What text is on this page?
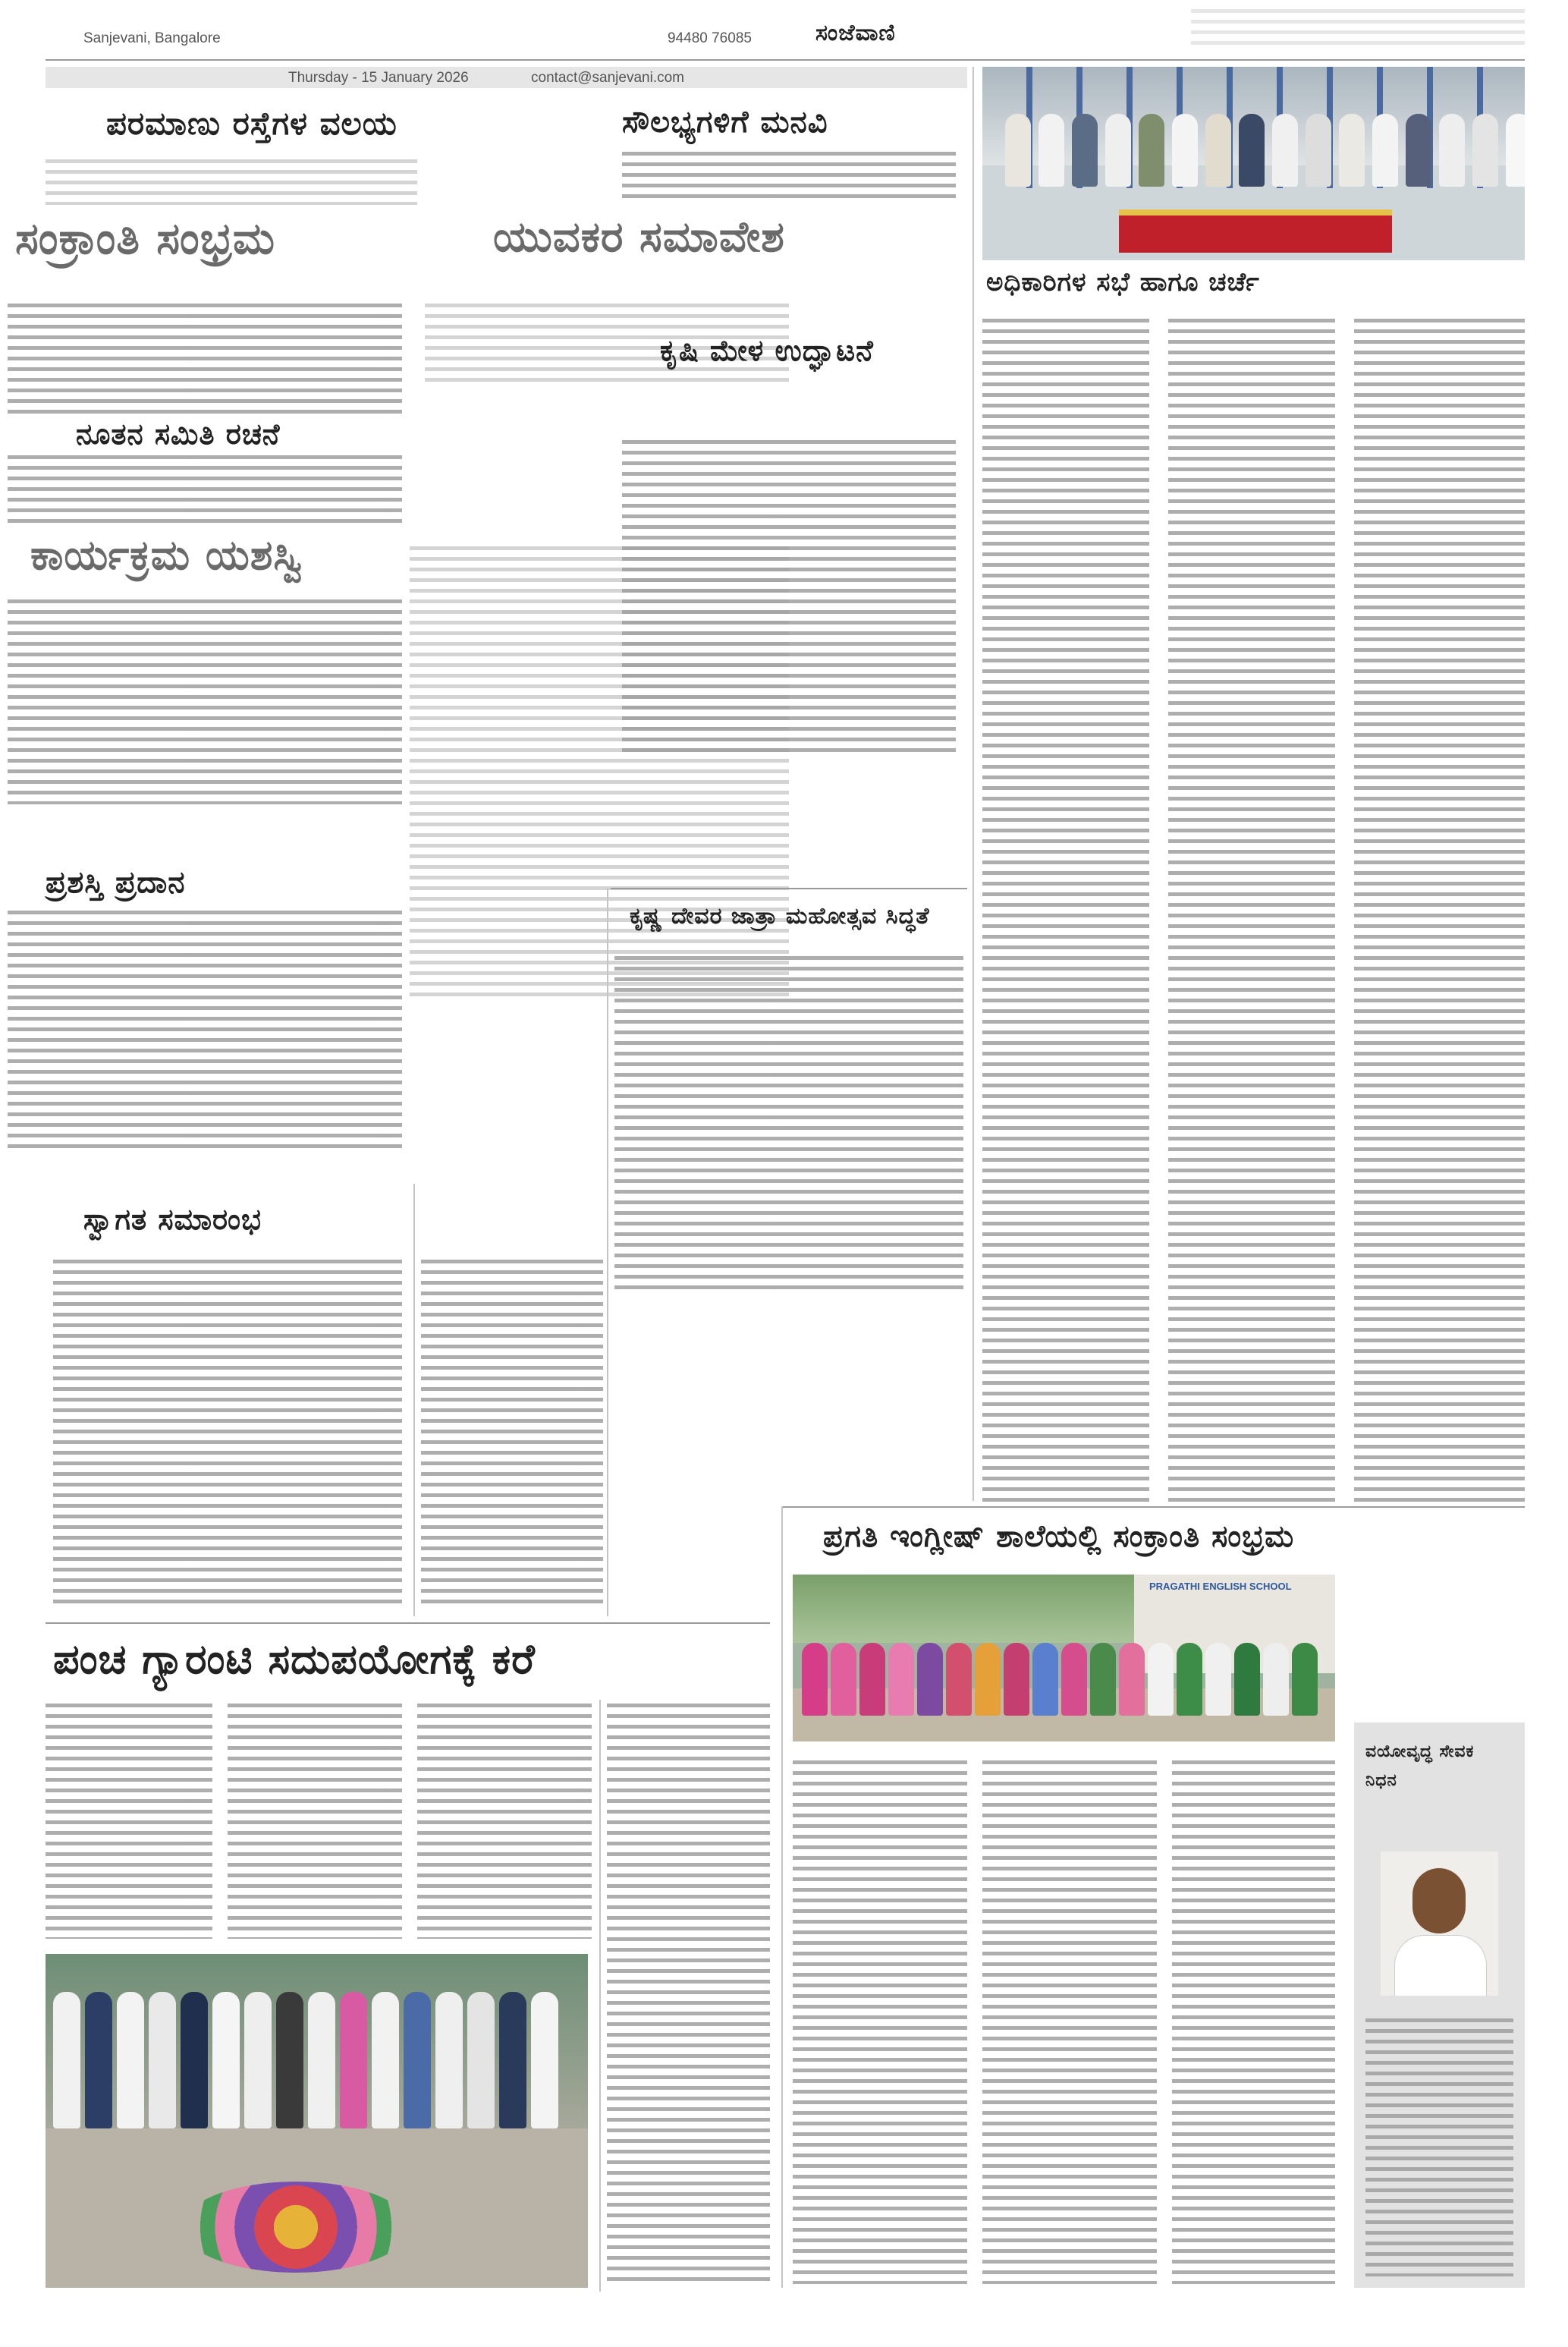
Sanjevani, Bangalore	94480 76085	ಸಂಜೆವಾಣಿ
Thursday - 15 January 2026	contact@sanjevani.com
ಪರಮಾಣು ರಸ್ತೆಗಳ ವಲಯ
ಸಂಕ್ರಾಂತಿ ಸಂಭ್ರಮ
ನೂತನ ಸಮಿತಿ ರಚನೆ
ಕಾರ್ಯಕ್ರಮ ಯಶಸ್ವಿ
ಪ್ರಶಸ್ತಿ ಪ್ರದಾನ
ಸೌಲಭ್ಯಗಳಿಗೆ ಮನವಿ
ಯುವಕರ ಸಮಾವೇಶ
ಕೃಷಿ ಮೇಳ ಉದ್ಘಾಟನೆ
ಕೃಷ್ಣ ದೇವರ ಜಾತ್ರಾ ಮಹೋತ್ಸವ ಸಿದ್ಧತೆ
ಸ್ವಾಗತ ಸಮಾರಂಭ
ಅಧಿಕಾರಿಗಳ ಸಭೆ ಹಾಗೂ ಚರ್ಚೆ
ಪ್ರಗತಿ ಇಂಗ್ಲೀಷ್ ಶಾಲೆಯಲ್ಲಿ ಸಂಕ್ರಾಂತಿ ಸಂಭ್ರಮ
PRAGATHI ENGLISH SCHOOL
ವಯೋವೃದ್ಧ ಸೇವಕ ನಿಧನ
ಪಂಚ ಗ್ಯಾರಂಟಿ ಸದುಪಯೋಗಕ್ಕೆ ಕರೆ
